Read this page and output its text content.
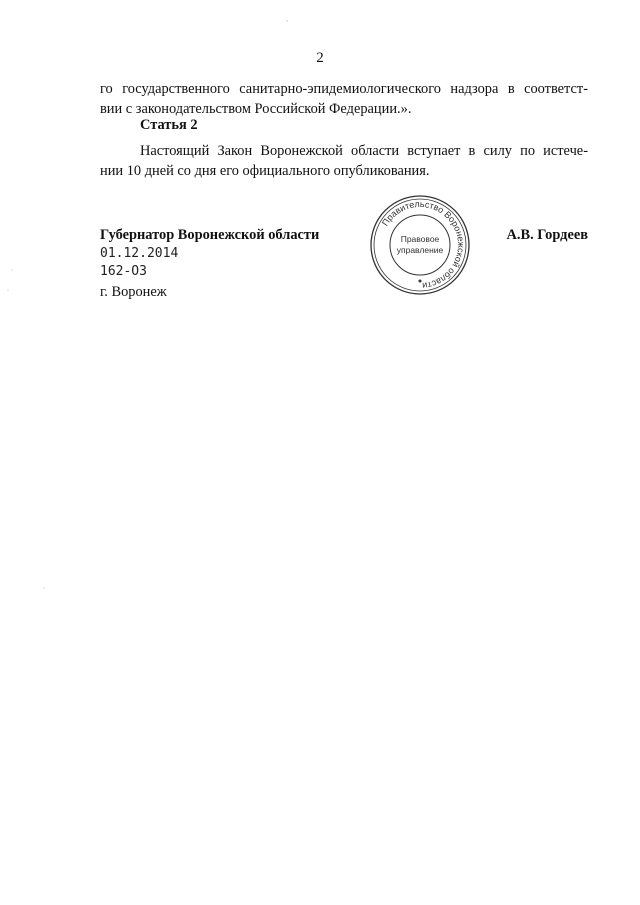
2
го государственного санитарно-эпидемиологического надзора в соответст-
вии с законодательством Российской Федерации.».
Статья 2
Настоящий Закон Воронежской области вступает в силу по истече-
нии 10 дней со дня его официального опубликования.
Губернатор Воронежской области	А.В. Гордеев
01.12.2014
162-ОЗ
г. Воронеж
Правительство Воронежской области
Правовое
управление
